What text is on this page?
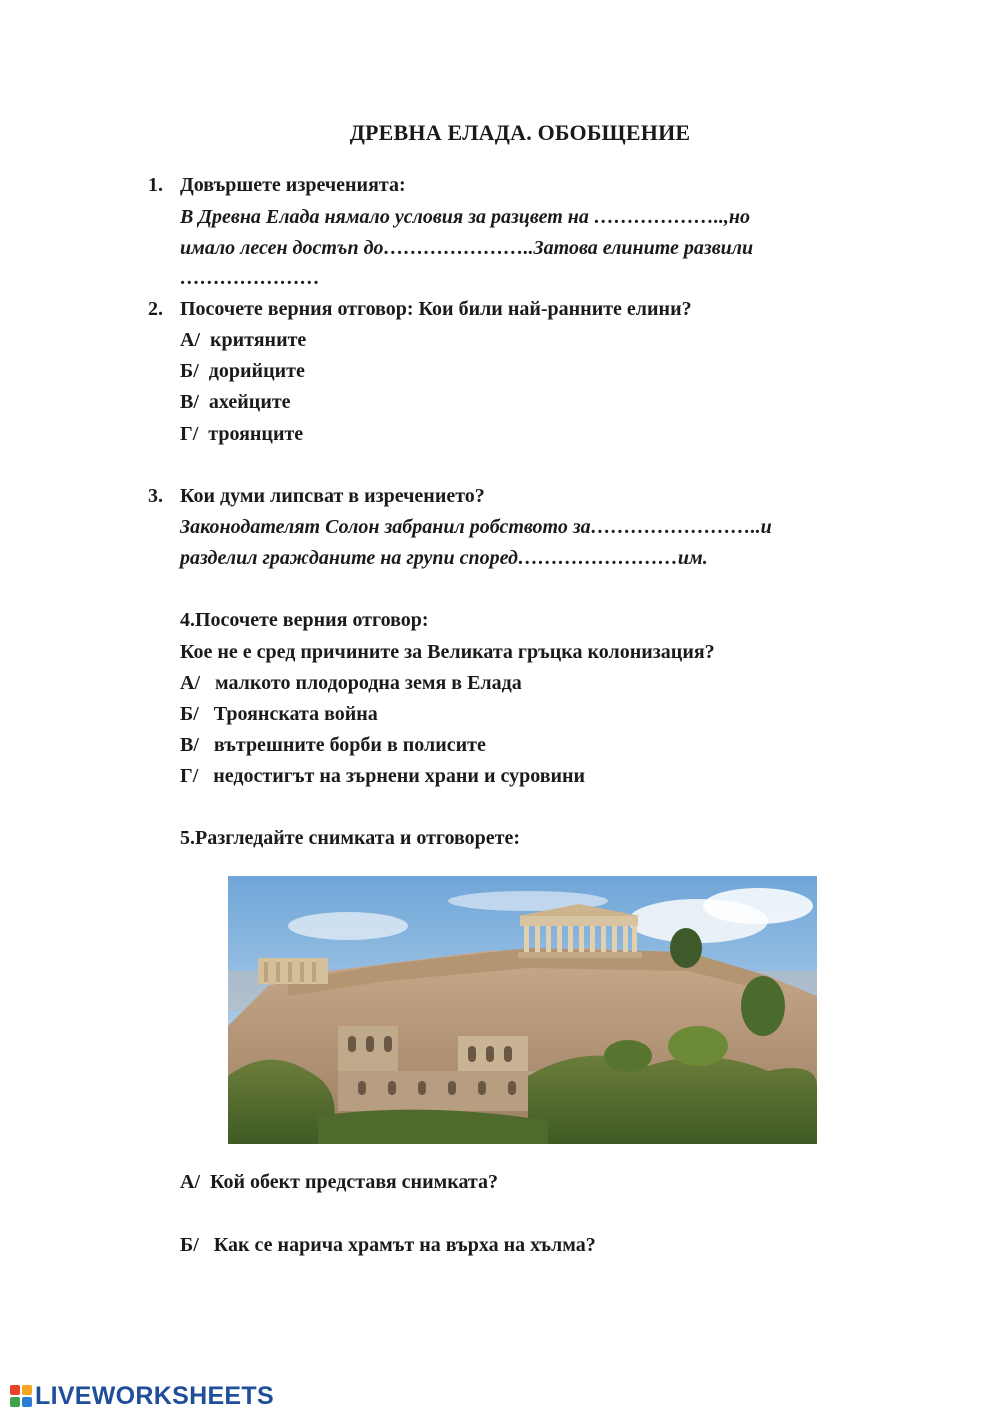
ДРЕВНА ЕЛАДА. ОБОБЩЕНИЕ
1. Довършете изреченията:
В Древна Елада нямало условия за разцвет на ………………..,но
имало лесен достъп до…………………..Затова елините развили
…………………
2. Посочете верния отговор: Кои били най-ранните елини?
А/ критяните
Б/ дорийците
В/ ахейците
Г/ троянците
3. Кои думи липсват в изречението?
Законодателят Солон забранил робството за……………………..и
разделил гражданите на групи според……………………им.
4.Посочете верния отговор:
Кое не е сред причините за Великата гръцка колонизация?
А/ малкото плодородна земя в Елада
Б/ Троянската война
В/ вътрешните борби в полисите
Г/ недостигът на зърнени храни и суровини
5.Разгледайте снимката и отговорете:
А/ Кой обект представя снимката?
Б/ Как се нарича храмът на върха на хълма?
LIVEWORKSHEETS
